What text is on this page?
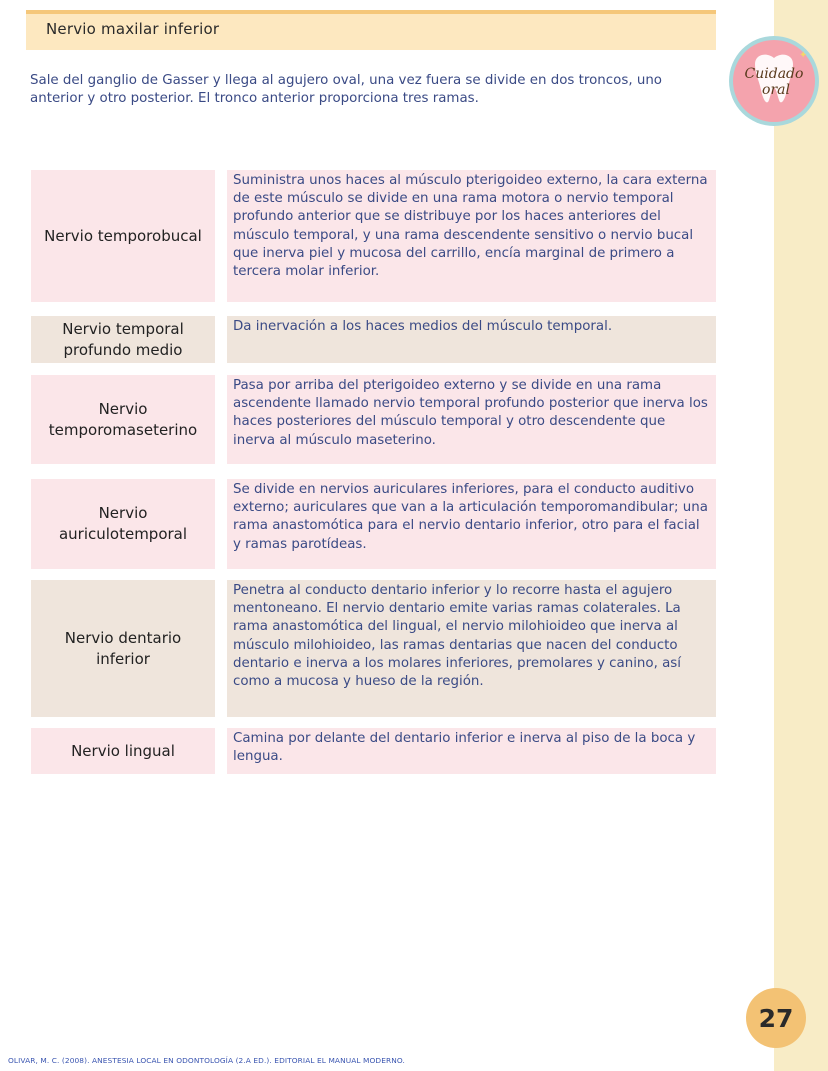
Nervio maxilar inferior
Cuidado
oral
✦

Sale del ganglio de Gasser y llega al agujero oval, una vez fuera se divide en dos troncos, uno anterior y otro posterior. El tronco anterior proporciona tres ramas.

Nervio temporobucal
Suministra unos haces al músculo pterigoideo externo, la cara externa de este músculo se divide en una rama motora o nervio temporal profundo anterior que se distribuye por los haces anteriores del músculo temporal, y una rama descendente sensitivo o nervio bucal que inerva piel y mucosa del carrillo, encía marginal de primero a tercera molar inferior.
Nervio temporal profundo medio
Da inervación a los haces medios del músculo temporal.
Nervio temporomaseterino
Pasa por arriba del pterigoideo externo y se divide en una rama ascendente llamado nervio temporal profundo posterior que inerva los haces posteriores del músculo temporal y otro descendente que inerva al músculo maseterino.
Nervio auriculotemporal
Se divide en nervios auriculares inferiores, para el conducto auditivo externo; auriculares que van a la articulación temporomandibular; una rama anastomótica para el nervio dentario inferior, otro para el facial y ramas parotídeas.
Nervio dentario inferior
Penetra al conducto dentario inferior y lo recorre hasta el agujero mentoneano. El nervio dentario emite varias ramas colaterales. La rama anastomótica del lingual, el nervio milohioideo que inerva al músculo milohioideo, las ramas dentarias que nacen del conducto dentario e inerva a los molares inferiores, premolares y canino, así como a mucosa y hueso de la región.
Nervio lingual
Camina por delante del dentario inferior e inerva al piso de la boca y lengua.
27
OLIVAR, M. C. (2008). ANESTESIA LOCAL EN ODONTOLOGÍA (2.A ED.). EDITORIAL EL MANUAL MODERNO.
